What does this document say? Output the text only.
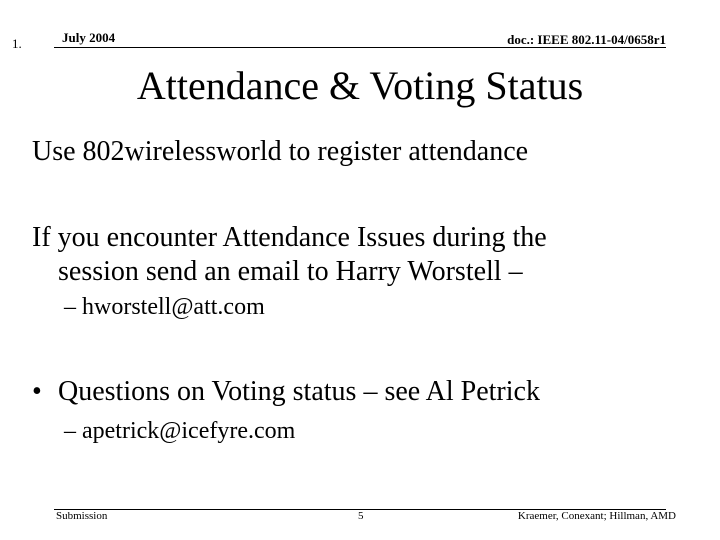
1.	July 2004	doc.: IEEE 802.11-04/0658r1
Attendance & Voting Status
Use 802wirelessworld to register attendance
If you encounter Attendance Issues during the
session send an email to Harry Worstell –
– hworstell@att.com
• Questions on Voting status – see Al Petrick
– apetrick@icefyre.com
Submission	5	Kraemer, Conexant; Hillman, AMD
